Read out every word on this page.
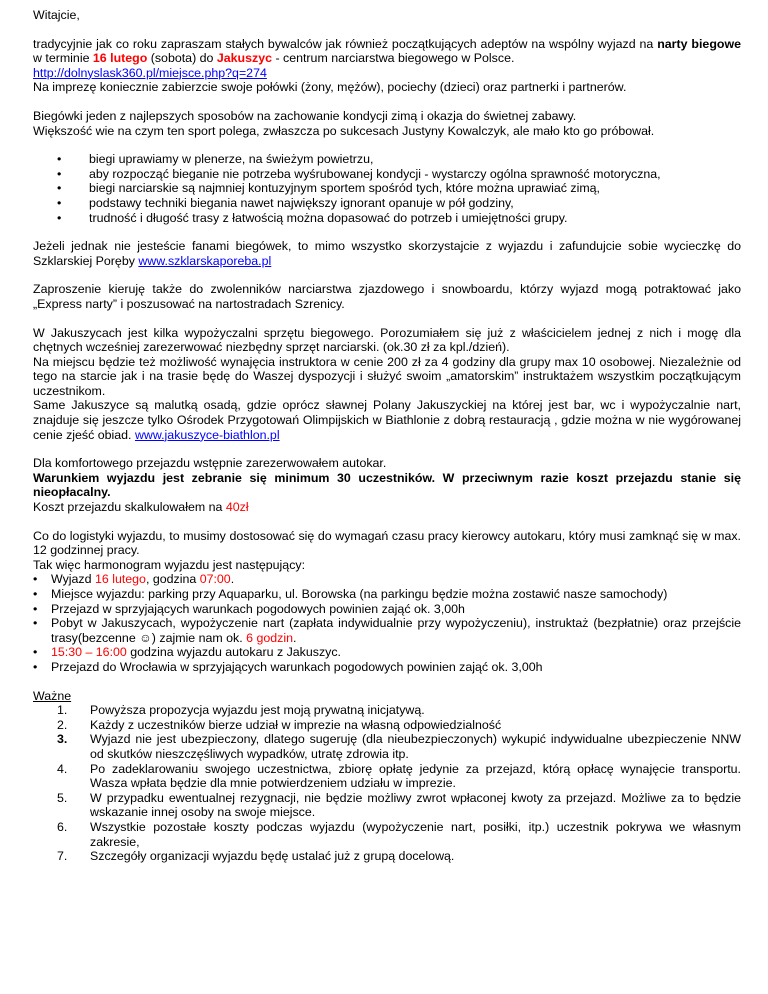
Witajcie,

tradycyjnie jak co roku zapraszam stałych bywalców jak również początkujących adeptów na wspólny wyjazd na narty biegowe w terminie 16 lutego (sobota) do Jakuszyc - centrum narciarstwa biegowego w Polsce.
http://dolnyslask360.pl/miejsce.php?q=274
Na imprezę koniecznie zabierzcie swoje połówki (żony, mężów), pociechy (dzieci) oraz partnerki i partnerów.

Biegówki jeden z najlepszych sposobów na zachowanie kondycji zimą i okazja do świetnej zabawy.
Większość wie na czym ten sport polega, zwłaszcza po sukcesach Justyny Kowalczyk, ale mało kto go próbował.

• biegi uprawiamy w plenerze, na świeżym powietrzu,
• aby rozpocząć bieganie nie potrzeba wyśrubowanej kondycji - wystarczy ogólna sprawność motoryczna,
• biegi narciarskie są najmniej kontuzyjnym sportem spośród tych, które można uprawiać zimą,
• podstawy techniki biegania nawet największy ignorant opanuje w pół godziny,
• trudność i długość trasy z łatwością można dopasować do potrzeb i umiejętności grupy.

Jeżeli jednak nie jesteście fanami biegówek, to mimo wszystko skorzystajcie z wyjazdu i zafundujcie sobie wycieczkę do Szklarskiej Poręby www.szklarskaporeba.pl

Zaproszenie kieruję także do zwolenników narciarstwa zjazdowego i snowboardu, którzy wyjazd mogą potraktować jako „Express narty” i poszusować na nartostradach Szrenicy.

W Jakuszycach jest kilka wypożyczalni sprzętu biegowego. Porozumiałem się już z właścicielem jednej z nich i mogę dla chętnych wcześniej zarezerwować niezbędny sprzęt narciarski. (ok.30 zł za kpl./dzień).
Na miejscu będzie też możliwość wynajęcia instruktora w cenie 200 zł za 4 godziny dla grupy max 10 osobowej. Niezależnie od tego na starcie jak i na trasie będę do Waszej dyspozycji i służyć swoim „amatorskim” instruktażem wszystkim początkującym uczestnikom.
Same Jakuszyce są malutką osadą, gdzie oprócz sławnej Polany Jakuszyckiej na której jest bar, wc i wypożyczalnie nart, znajduje się jeszcze tylko Ośrodek Przygotowań Olimpijskich w Biathlonie z dobrą restauracją , gdzie można w nie wygórowanej cenie zjeść obiad. www.jakuszyce-biathlon.pl

Dla komfortowego przejazdu wstępnie zarezerwowałem autokar.
Warunkiem wyjazdu jest zebranie się minimum 30 uczestników. W przeciwnym razie koszt przejazdu stanie się nieopłacalny.
Koszt przejazdu skalkulowałem na 40zł

Co do logistyki wyjazdu, to musimy dostosować się do wymagań czasu pracy kierowcy autokaru, który musi zamknąć się w max. 12 godzinnej pracy.
Tak więc harmonogram wyjazdu jest następujący:

• Wyjazd 16 lutego, godzina 07:00.
• Miejsce wyjazdu: parking przy Aquaparku, ul. Borowska (na parkingu będzie można zostawić nasze samochody)
• Przejazd w sprzyjających warunkach pogodowych powinien zająć ok. 3,00h
• Pobyt w Jakuszycach, wypożyczenie nart (zapłata indywidualnie przy wypożyczeniu), instruktaż (bezpłatnie) oraz przejście trasy(bezcenne ☺) zajmie nam ok. 6 godzin.
• 15:30 – 16:00 godzina wyjazdu autokaru z Jakuszyc.
• Przejazd do Wrocławia w sprzyjających warunkach pogodowych powinien zająć ok. 3,00h
Ważne
1. Powyższa propozycja wyjazdu jest moją prywatną inicjatywą.
2. Każdy z uczestników bierze udział w imprezie na własną odpowiedzialność
3. Wyjazd nie jest ubezpieczony, dlatego sugeruję (dla nieubezpieczonych) wykupić indywidualne ubezpieczenie NNW od skutków nieszczęśliwych wypadków, utratę zdrowia itp.
4. Po zadeklarowaniu swojego uczestnictwa, zbiorę opłatę jedynie za przejazd, którą opłacę wynajęcie transportu. Wasza wpłata będzie dla mnie potwierdzeniem udziału w imprezie.
5. W przypadku ewentualnej rezygnacji, nie będzie możliwy zwrot wpłaconej kwoty za przejazd. Możliwe za to będzie wskazanie innej osoby na swoje miejsce.
6. Wszystkie pozostałe koszty podczas wyjazdu (wypożyczenie nart, posiłki, itp.) uczestnik pokrywa we własnym zakresie,
7. Szczegóły organizacji wyjazdu będę ustalać już z grupą docelową.
